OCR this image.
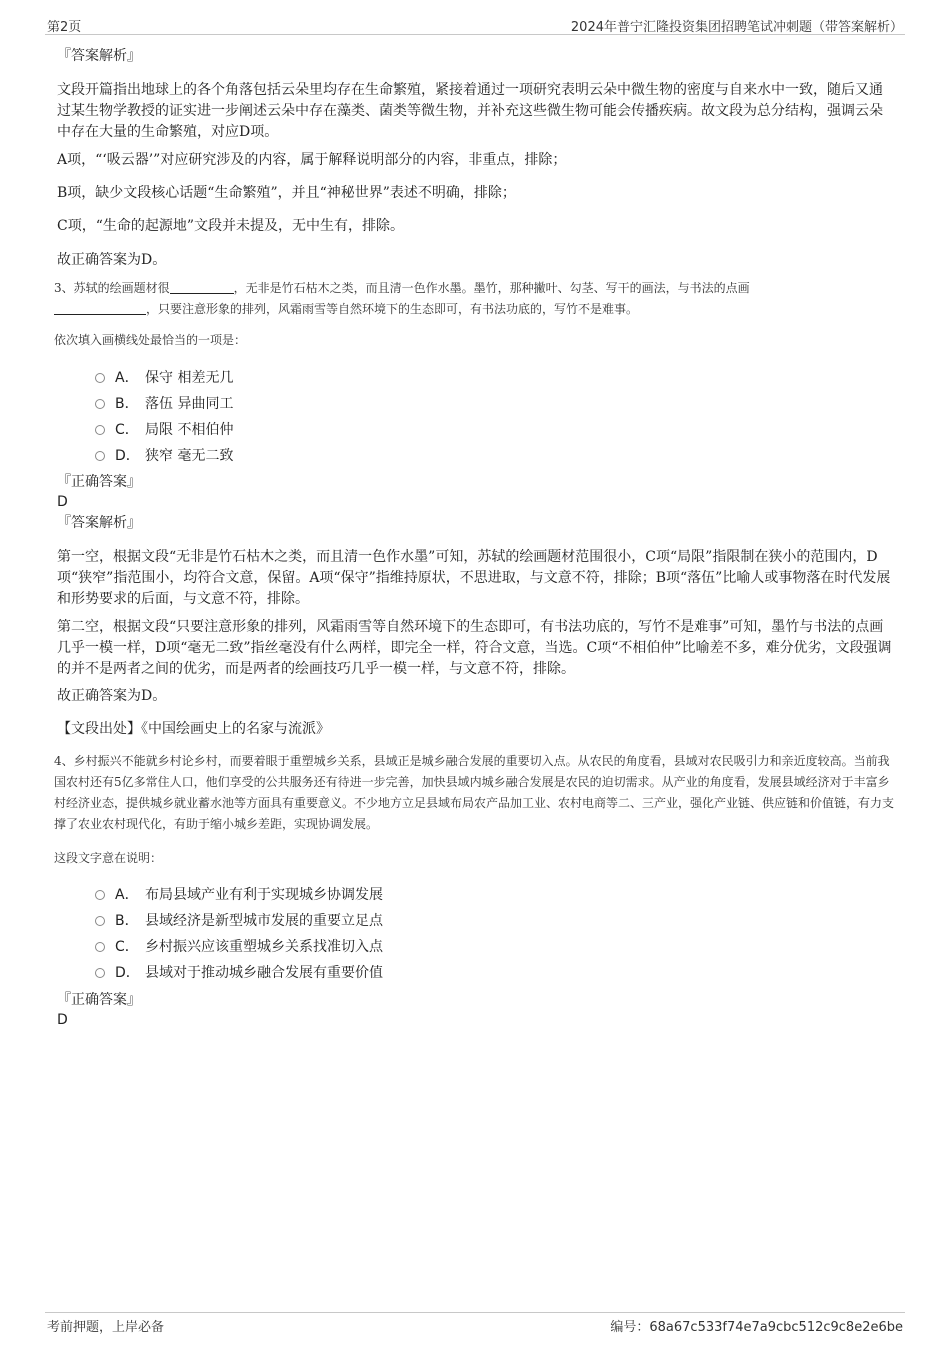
第2页	2024年普宁汇隆投资集团招聘笔试冲刺题（带答案解析）
『答案解析』
文段开篇指出地球上的各个角落包括云朵里均存在生命繁殖，紧接着通过一项研究表明云朵中微生物的密度与自来水中一致，随后又通过某生物学教授的证实进一步阐述云朵中存在藻类、菌类等微生物，并补充这些微生物可能会传播疾病。故文段为总分结构，强调云朵中存在大量的生命繁殖，对应D项。
A项，“‘吸云器’”对应研究涉及的内容，属于解释说明部分的内容，非重点，排除；
B项，缺少文段核心话题“生命繁殖”，并且“神秘世界”表述不明确，排除；
C项，“生命的起源地”文段并未提及，无中生有，排除。
故正确答案为D。
3、苏轼的绘画题材很	，无非是竹石枯木之类，而且清一色作水墨。墨竹，那种撇叶、勾茎、写干的画法，与书法的点画
，只要注意形象的排列，风霜雨雪等自然环境下的生态即可，有书法功底的，写竹不是难事。
依次填入画横线处最恰当的一项是：
A． 保守 相差无几
B． 落伍 异曲同工
C． 局限 不相伯仲
D． 狭窄 毫无二致
『正确答案』
D
『答案解析』
第一空，根据文段“无非是竹石枯木之类，而且清一色作水墨”可知，苏轼的绘画题材范围很小，C项“局限”指限制在狭小的范围内，D项“狭窄”指范围小，均符合文意，保留。A项“保守”指维持原状，不思进取，与文意不符，排除；B项“落伍”比喻人或事物落在时代发展和形势要求的后面，与文意不符，排除。
第二空，根据文段“只要注意形象的排列，风霜雨雪等自然环境下的生态即可，有书法功底的，写竹不是难事”可知，墨竹与书法的点画几乎一模一样，D项“毫无二致”指丝毫没有什么两样，即完全一样，符合文意，当选。C项“不相伯仲”比喻差不多，难分优劣，文段强调的并不是两者之间的优劣，而是两者的绘画技巧几乎一模一样，与文意不符，排除。
故正确答案为D。
【文段出处】《中国绘画史上的名家与流派》
4、乡村振兴不能就乡村论乡村，而要着眼于重塑城乡关系，县域正是城乡融合发展的重要切入点。从农民的角度看，县域对农民吸引力和亲近度较高。当前我国农村还有5亿多常住人口，他们享受的公共服务还有待进一步完善，加快县域内城乡融合发展是农民的迫切需求。从产业的角度看，发展县域经济对于丰富乡村经济业态，提供城乡就业蓄水池等方面具有重要意义。不少地方立足县域布局农产品加工业、农村电商等二、三产业，强化产业链、供应链和价值链，有力支撑了农业农村现代化，有助于缩小城乡差距，实现协调发展。
这段文字意在说明：
A． 布局县域产业有利于实现城乡协调发展
B． 县域经济是新型城市发展的重要立足点
C． 乡村振兴应该重塑城乡关系找准切入点
D． 县域对于推动城乡融合发展有重要价值
『正确答案』
D
考前押题，上岸必备	编号：68a67c533f74e7a9cbc512c9c8e2e6be
